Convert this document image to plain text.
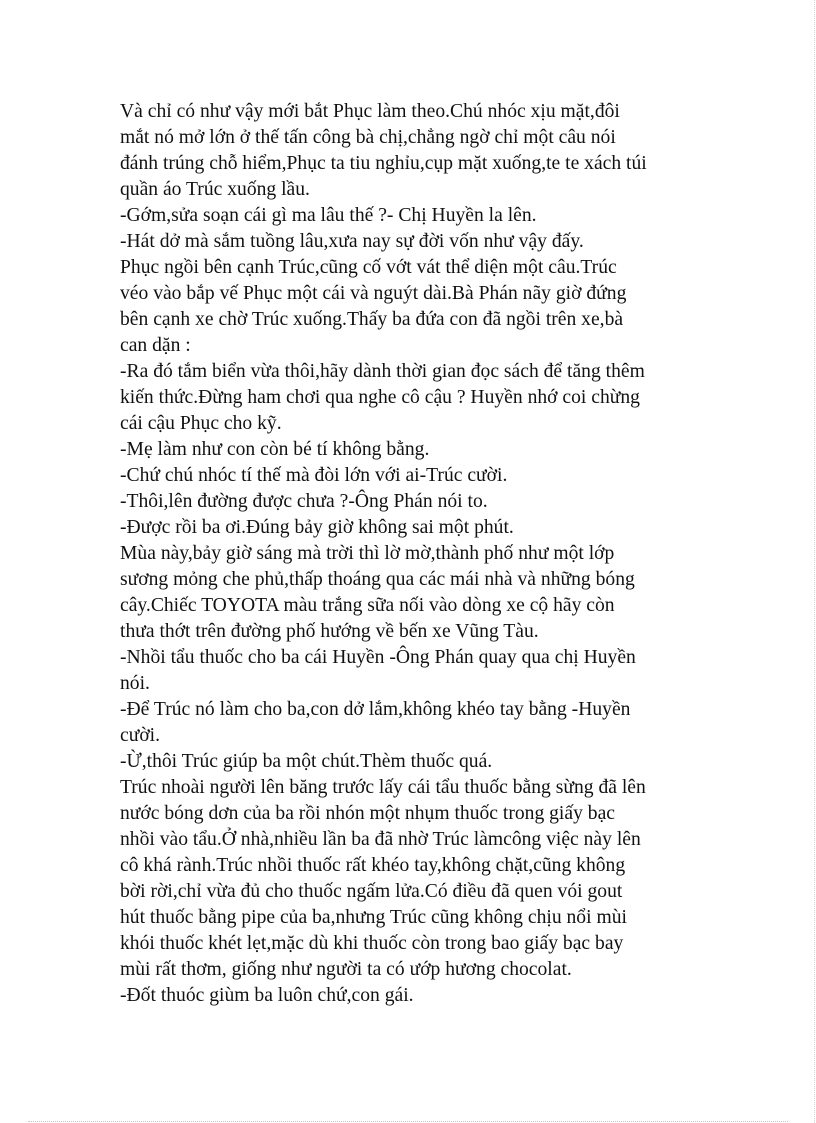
Và chỉ có như vậy mới bắt Phục làm theo.Chú nhóc xịu mặt,đôi
mắt nó mở lớn ở thế tấn công bà chị,chẳng ngờ chỉ một câu nói
đánh trúng chỗ hiểm,Phục ta tiu nghỉu,cụp mặt xuống,te te xách túi
quần áo Trúc xuống lầu.
-Gớm,sửa soạn cái gì ma lâu thế ?- Chị Huyền la lên.
-Hát dở mà sắm tuồng lâu,xưa nay sự đời vốn như vậy đấy.
Phục ngồi bên cạnh Trúc,cũng cố vớt vát thể diện một câu.Trúc
véo vào bắp vế Phục một cái và nguýt dài.Bà Phán nãy giờ đứng
bên cạnh xe chờ Trúc xuống.Thấy ba đứa con đã ngồi trên xe,bà
can dặn :
-Ra đó tắm biển vừa thôi,hãy dành thời gian đọc sách để tăng thêm
kiến thức.Đừng ham chơi qua nghe cô cậu ? Huyền nhớ coi chừng
cái cậu Phục cho kỹ.
-Mẹ làm như con còn bé tí không bằng.
-Chứ chú nhóc tí thế mà đòi lớn với ai-Trúc cười.
-Thôi,lên đường được chưa ?-Ông Phán nói to.
-Được rồi ba ơi.Đúng bảy giờ không sai một phút.
Mùa này,bảy giờ sáng mà trời thì lờ mờ,thành phố như một lớp
sương mỏng che phủ,thấp thoáng qua các mái nhà và những bóng
cây.Chiếc TOYOTA màu trắng sữa nối vào dòng xe cộ hãy còn
thưa thớt trên đường phố hướng về bến xe Vũng Tàu.
-Nhồi tẩu thuốc cho ba cái Huyền -Ông Phán quay qua chị Huyền
nói.
-Để Trúc nó làm cho ba,con dở lắm,không khéo tay bằng -Huyền
cười.
-Ừ,thôi Trúc giúp ba một chút.Thèm thuốc quá.
Trúc nhoài người lên băng trước lấy cái tẩu thuốc bằng sừng đã lên
nước bóng dơn của ba rồi nhón một nhụm thuốc trong giấy bạc
nhồi vào tẩu.Ở nhà,nhiều lần ba đã nhờ Trúc làmcông việc này lên
cô khá rành.Trúc nhồi thuốc rất khéo tay,không chặt,cũng không
bời rời,chỉ vừa đủ cho thuốc ngấm lửa.Có điều đã quen vói gout
hút thuốc bằng pipe của ba,nhưng Trúc cũng không chịu nổi mùi
khói thuốc khét lẹt,mặc dù khi thuốc còn trong bao giấy bạc bay
mùi rất thơm, giống như người ta có ướp hương chocolat.
-Đốt thuóc giùm ba luôn chứ,con gái.
